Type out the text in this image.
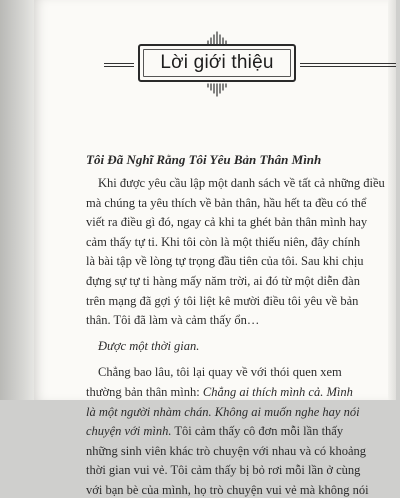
Lời giới thiệu
Tôi Đã Nghĩ Rằng Tôi Yêu Bản Thân Mình
Khi được yêu cầu lập một danh sách về tất cả những điều
mà chúng ta yêu thích về bản thân, hầu hết ta đều có thể
viết ra điều gì đó, ngay cả khi ta ghét bản thân mình hay
cảm thấy tự ti. Khi tôi còn là một thiếu niên, đây chính
là bài tập về lòng tự trọng đầu tiên của tôi. Sau khi chịu
đựng sự tự ti hàng mấy năm trời, ai đó từ một diễn đàn
trên mạng đã gợi ý tôi liệt kê mười điều tôi yêu về bản
thân. Tôi đã làm và cảm thấy ổn…
Được một thời gian.
Chẳng bao lâu, tôi lại quay về với thói quen xem
thường bản thân mình: Chẳng ai thích mình cả. Mình
là một người nhàm chán. Không ai muốn nghe hay nói
chuyện với mình. Tôi cảm thấy cô đơn mỗi lần thấy
những sinh viên khác trò chuyện với nhau và có khoảng
thời gian vui vẻ. Tôi cảm thấy bị bỏ rơi mỗi lần ở cùng
với bạn bè của mình, họ trò chuyện vui vẻ mà không nói
